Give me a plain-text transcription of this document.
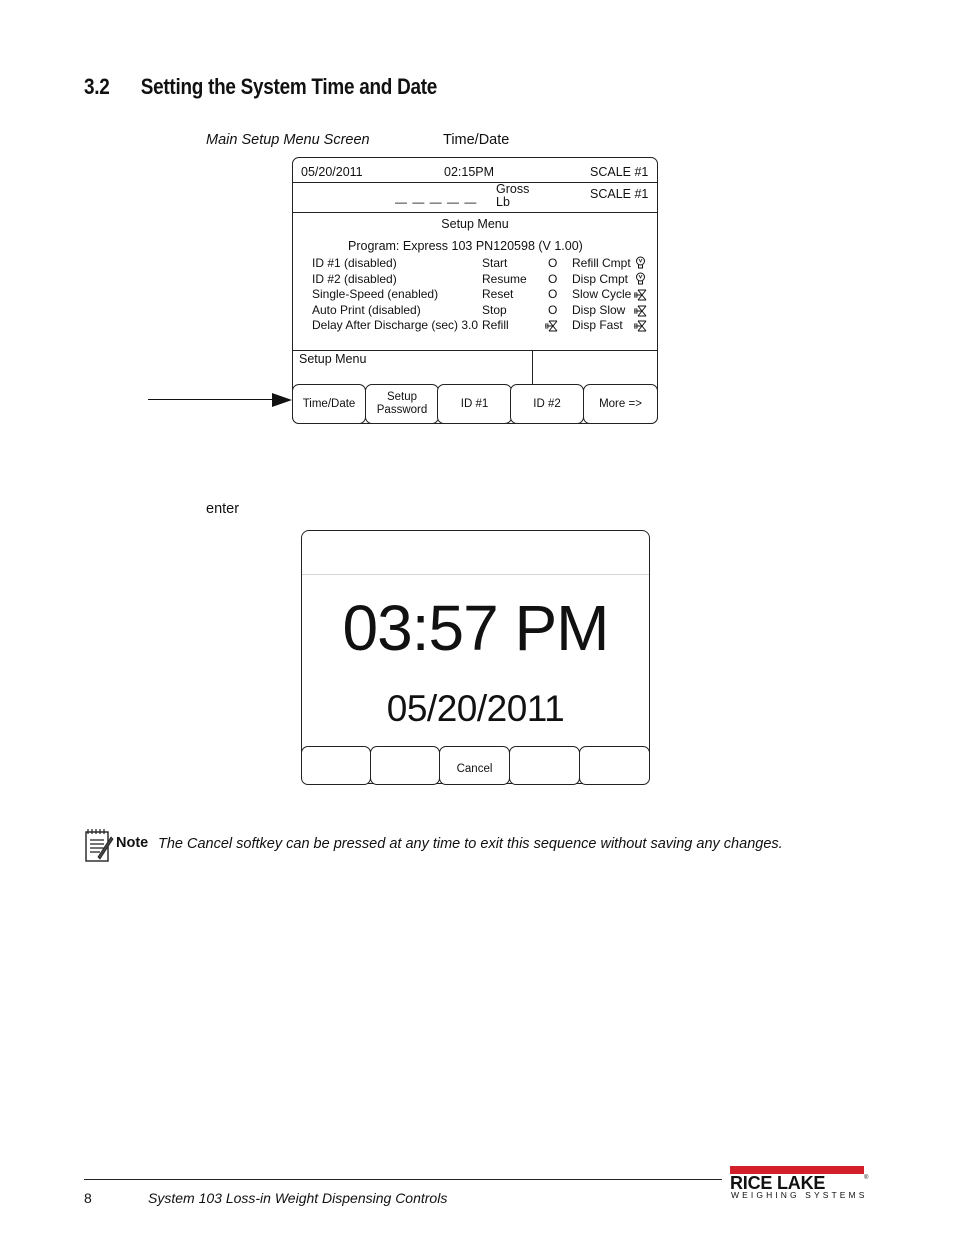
3.2 Setting the System Time and Date
Main Setup Menu Screen	Time/Date
05/20/2011	02:15PM	SCALE #1
Gross
— — — — — Lb
SCALE #1
Setup Menu
Program: Express 103 PN120598 (V 1.00)
ID #1 (disabled)	Start	O Refill Cmpt
ID #2 (disabled)	Resume O Disp Cmpt
Single-Speed (enabled)	Reset	O Slow Cycle
Auto Print (disabled)	Stop	O Disp Slow
Delay After Discharge (sec) 3.0 Refill	Disp Fast
Setup Menu
Time/Date
Setup
Password
ID #1	ID #2	More =>
enter
03:57 PM
05/20/2011
Cancel
Note The Cancel softkey can be pressed at any time to exit this sequence without saving any changes.
8	System 103 Loss-in Weight Dispensing Controls
RICE LAKE	®
WEIGHING SYSTEMS
